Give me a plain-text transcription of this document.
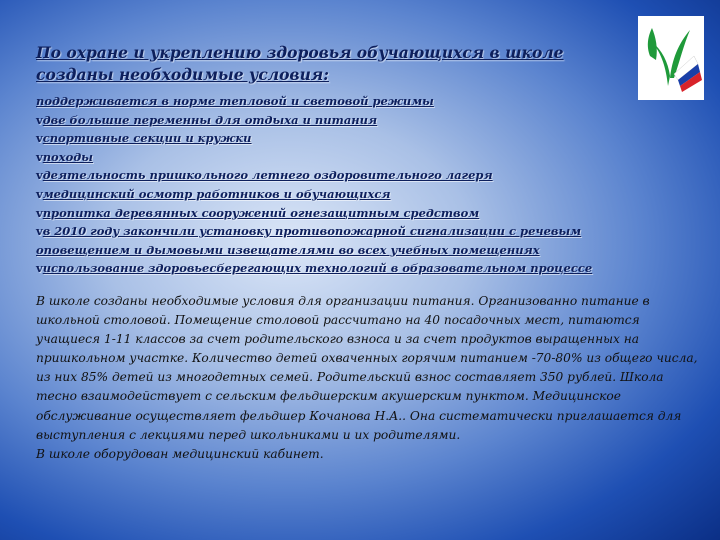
По охране и укреплению здоровья обучающихся в школе созданы необходимые условия:
поддерживается в норме тепловой и световой режимы
vдве большие переменны для отдыха и питания
vспортивные секции и кружки
vпоходы
vдеятельность пришкольного летнего оздоровительного лагеря
vмедицинский осмотр работников и обучающихся
vпропитка деревянных сооружений огнезащитным средством
vв 2010 году закончили установку противопожарной сигнализации с речевым оповещением и дымовыми извещателями во всех учебных помещениях
vиспользование здоровьесберегающих технологий в образовательном процессе

В школе созданы необходимые условия для организации питания. Организованно питание в школьной столовой. Помещение столовой рассчитано на 40 посадочных мест, питаются учащиеся 1-11 классов за счет родительского взноса и за счет продуктов выращенных на пришкольном участке. Количество детей охваченных горячим питанием -70-80% из общего числа, из них 85% детей из многодетных семей. Родительский взнос составляет 350 рублей. Школа тесно взаимодействует с сельским фельдшерским акушерским пунктом. Медицинское обслуживание осуществляет фельдшер Кочанова Н.А.. Она систематически приглашается для выступления с лекциями перед школьниками и их родителями.

В школе оборудован медицинский кабинет.
